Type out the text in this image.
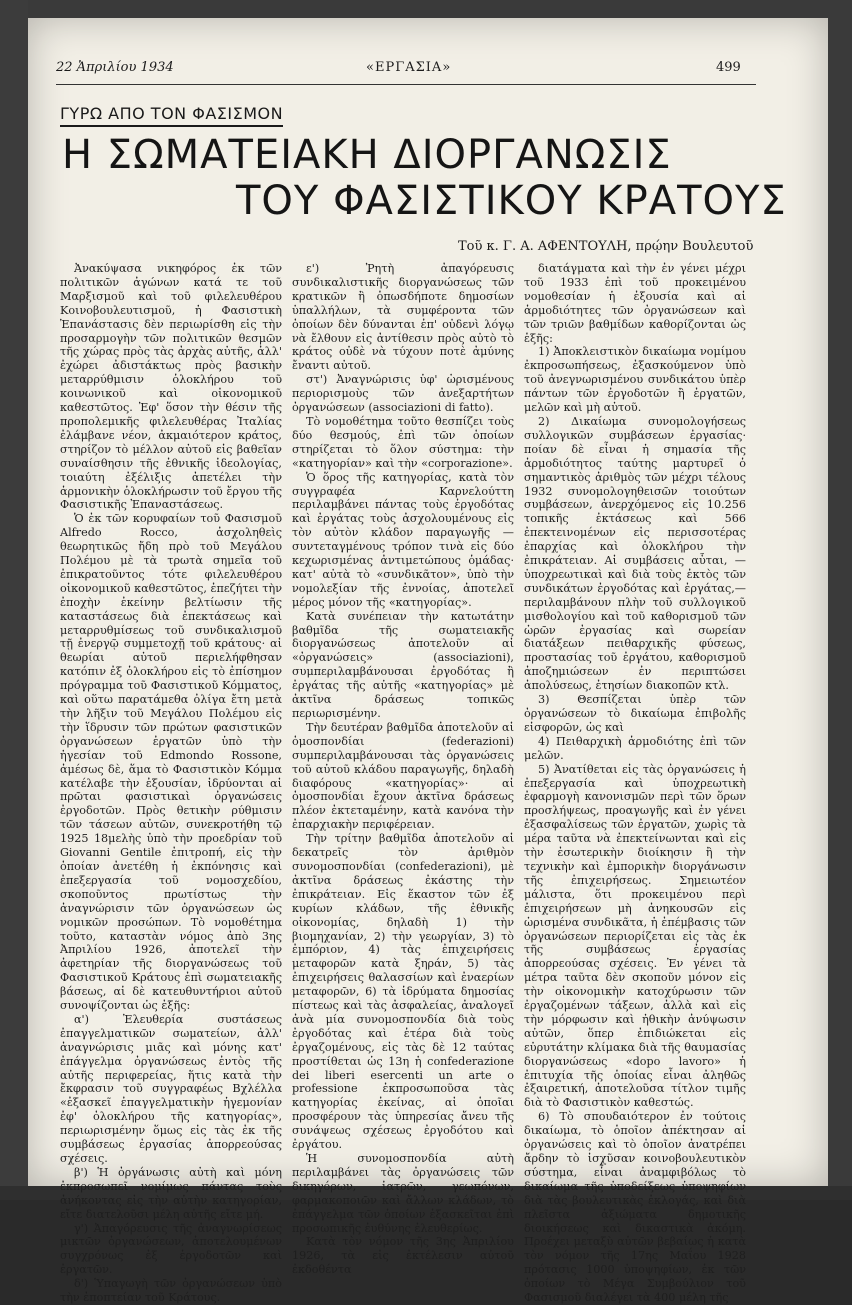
22 Ἀπριλίου 1934	«ΕΡΓΑΣΙΑ»	499
ΓΥΡΩ ΑΠΟ ΤΟΝ ΦΑΣΙΣΜΟΝ
Η ΣΩΜΑΤΕΙΑΚΗ ΔΙΟΡΓΑΝΩΣΙΣ
ΤΟΥ ΦΑΣΙΣΤΙΚΟΥ ΚΡΑΤΟΥΣ
Τοῦ κ. Γ. Α. ΑΦΕΝΤΟΥΛΗ, πρῴην Βουλευτοῦ

Ἀνακύψασα νικηφόρος ἐκ τῶν πολιτικῶν ἀγώνων κατά τε τοῦ Μαρξισμοῦ καὶ τοῦ φιλελευθέρου Κοινοβουλευτισμοῦ, ἡ Φασιστικὴ Ἐπανάστασις δὲν περιωρίσθη εἰς τὴν προσαρμογὴν τῶν πολιτικῶν θεσμῶν τῆς χώρας πρὸς τὰς ἀρχὰς αὐτῆς, ἀλλ' ἐχώρει ἀδιστάκτως πρὸς βασικὴν μεταρρύθμισιν ὁλοκλήρου τοῦ κοινωνικοῦ καὶ οἰκονομικοῦ καθεστῶτος. Ἐφ' ὅσον τὴν θέσιν τῆς προπολεμικῆς φιλελευθέρας Ἰταλίας ἐλάμβανε νέον, ἀκμαιότερον κράτος, στηρίζον τὸ μέλλον αὐτοῦ εἰς βαθεῖαν συναίσθησιν τῆς ἐθνικῆς ἰδεολογίας, τοιαύτη ἐξέλιξις ἀπετέλει τὴν ἁρμονικὴν ὁλοκλήρωσιν τοῦ ἔργου τῆς Φασιστικῆς Ἐπαναστάσεως.

Ὁ ἐκ τῶν κορυφαίων τοῦ Φασισμοῦ Alfredo Rocco, ἀσχοληθεὶς θεωρητικῶς ἤδη πρὸ τοῦ Μεγάλου Πολέμου μὲ τὰ τρωτὰ σημεῖα τοῦ ἐπικρατοῦντος τότε φιλελευθέρου οἰκονομικοῦ καθεστῶτος, ἐπεζήτει τὴν ἐποχὴν ἐκείνην βελτίωσιν τῆς καταστάσεως διὰ ἐπεκτάσεως καὶ μεταρρυθμίσεως τοῦ συνδικαλισμοῦ τῇ ἐνεργῷ συμμετοχῇ τοῦ κράτους· αἱ θεωρίαι αὐτοῦ περιελήφθησαν κατόπιν ἐξ ὁλοκλήρου εἰς τὸ ἐπίσημον πρόγραμμα τοῦ Φασιστικοῦ Κόμματος, καὶ οὕτω παρατάμεθα ὀλίγα ἔτη μετὰ τὴν λῆξιν τοῦ Μεγάλου Πολέμου εἰς τὴν ἵδρυσιν τῶν πρώτων φασιστικῶν ὀργανώσεων ἐργατῶν ὑπὸ τὴν ἡγεσίαν τοῦ Edmondo Rossone, ἀμέσως δὲ, ἅμα τὸ Φασιστικὸν Κόμμα κατέλαβε τὴν ἐξουσίαν, ἱδρύονται αἱ πρῶται φασιστικαὶ ὀργανώσεις ἐργοδοτῶν. Πρὸς θετικὴν ρύθμισιν τῶν τάσεων αὐτῶν, συνεκροτήθη τῷ 1925 18μελὴς ὑπὸ τὴν προεδρίαν τοῦ Giovanni Gentile ἐπιτροπή, εἰς τὴν ὁποίαν ἀνετέθη ἡ ἐκπόνησις καὶ ἐπεξεργασία τοῦ νομοσχεδίου, σκοποῦντος πρωτίστως τὴν ἀναγνώρισιν τῶν ὀργανώσεων ὡς νομικῶν προσώπων. Τὸ νομοθέτημα τοῦτο, καταστὰν νόμος ἀπὸ 3ης Ἀπριλίου 1926, ἀποτελεῖ τὴν ἀφετηρίαν τῆς διοργανώσεως τοῦ Φασιστικοῦ Κράτους ἐπὶ σωματειακῆς βάσεως, αἱ δὲ κατευθυντήριοι αὐτοῦ συνοψίζονται ὡς ἑξῆς:

α') Ἐλευθερία συστάσεως ἐπαγγελματικῶν σωματείων, ἀλλ' ἀναγνώρισις μιᾶς καὶ μόνης κατ' ἐπάγγελμα ὀργανώσεως ἐντὸς τῆς αὐτῆς περιφερείας, ἥτις κατὰ τὴν ἔκφρασιν τοῦ συγγραφέως Βχλέλλα «ἐξασκεῖ ἐπαγγελματικὴν ἡγεμονίαν ἐφ' ὁλοκλήρου τῆς κατηγορίας», περιωρισμένην ὅμως εἰς τὰς ἐκ τῆς συμβάσεως ἐργασίας ἀπορρεούσας σχέσεις.

β') Ἡ ὀργάνωσις αὐτὴ καὶ μόνη ἐκπροσωπεῖ νομίμως πάντας τοὺς ἀνήκοντας εἰς τὴν αὐτὴν κατηγορίαν, εἴτε διατελοῦσι μέλη αὐτῆς εἴτε μή.

γ') Ἀπαγόρευσις τῆς ἀναγνωρίσεως μικτῶν ὀργανώσεων, ἀποτελουμένων συγχρόνως ἐξ ἐργοδοτῶν καὶ ἐργατῶν.

δ') Ὑπαγωγὴ τῶν ὀργανώσεων ὑπὸ τὴν ἐποπτείαν τοῦ Κράτους.

ε') Ῥητὴ ἀπαγόρευσις συνδικαλιστικῆς διοργανώσεως τῶν κρατικῶν ἢ ὁπωσδήποτε δημοσίων ὑπαλλήλων, τὰ συμφέροντα τῶν ὁποίων δὲν δύνανται ἐπ' οὐδενὶ λόγῳ νὰ ἔλθουν εἰς ἀντίθεσιν πρὸς αὐτὸ τὸ κράτος οὐδὲ νὰ τύχουν ποτὲ ἀμύνης ἔναντι αὐτοῦ.

στ') Ἀναγνώρισις ὑφ' ὡρισμένους περιορισμοὺς τῶν ἀνεξαρτήτων ὀργανώσεων (associazioni di fatto).

Τὸ νομοθέτημα τοῦτο θεσπίζει τοὺς δύο θεσμούς, ἐπὶ τῶν ὁποίων στηρίζεται τὸ ὅλον σύστημα: τὴν «κατηγορίαν» καὶ τὴν «corporazione».

Ὁ ὅρος τῆς κατηγορίας, κατὰ τὸν συγγραφέα Καρνελούττη περιλαμβάνει πάντας τοὺς ἐργοδότας καὶ ἐργάτας τοὺς ἀσχολουμένους εἰς τὸν αὐτὸν κλάδον παραγωγῆς —συντεταγμένους τρόπον τινὰ εἰς δύο κεχωρισμένας ἀντιμετώπους ὁμάδας· κατ' αὐτὰ τὸ «συνδικᾶτον», ὑπὸ τὴν νομολεξίαν τῆς ἐννοίας, ἀποτελεῖ μέρος μόνον τῆς «κατηγορίας».

Κατὰ συνέπειαν τὴν κατωτάτην βαθμῖδα τῆς σωματειακῆς διοργανώσεως ἀποτελοῦν αἱ «ὀργανώσεις» (associazioni), συμπεριλαμβάνουσαι ἐργοδότας ἢ ἐργάτας τῆς αὐτῆς «κατηγορίας» μὲ ἀκτῖνα δράσεως τοπικῶς περιωρισμένην.

Τὴν δευτέραν βαθμῖδα ἀποτελοῦν αἱ ὁμοσπονδίαι (federazioni) συμπεριλαμβάνουσαι τὰς ὀργανώσεις τοῦ αὐτοῦ κλάδου παραγωγῆς, δηλαδὴ διαφόρους «κατηγορίας»· αἱ ὁμοσπονδίαι ἔχουν ἀκτῖνα δράσεως πλέον ἐκτεταμένην, κατὰ κανόνα τὴν ἐπαρχιακὴν περιφέρειαν.

Τὴν τρίτην βαθμῖδα ἀποτελοῦν αἱ δεκατρεῖς τὸν ἀριθμὸν συνομοσπονδίαι (confederazioni), μὲ ἀκτῖνα δράσεως ἐκάστης τὴν ἐπικράτειαν. Εἰς ἕκαστον τῶν ἐξ κυρίων κλάδων, τῆς ἐθνικῆς οἰκονομίας, δηλαδὴ 1) τὴν βιομηχανίαν, 2) τὴν γεωργίαν, 3) τὸ ἐμπόριον, 4) τὰς ἐπιχειρήσεις μεταφορῶν κατὰ ξηράν, 5) τὰς ἐπιχειρήσεις θαλασσίων καὶ ἐναερίων μεταφορῶν, 6) τὰ ἱδρύματα δημοσίας πίστεως καὶ τὰς ἀσφαλείας, ἀναλογεῖ ἀνὰ μία συνομοσπονδία διὰ τοὺς ἐργοδότας καὶ ἑτέρα διὰ τοὺς ἐργαζομένους, εἰς τὰς δὲ 12 ταύτας προστίθεται ὡς 13η ἡ confederazione dei liberi esercenti un arte o professione ἐκπροσωποῦσα τὰς κατηγορίας ἐκείνας, αἱ ὁποῖαι προσφέρουν τὰς ὑπηρεσίας ἄνευ τῆς συνάψεως σχέσεως ἐργοδότου καὶ ἐργάτου.

Ἡ συνομοσπονδία αὐτὴ περιλαμβάνει τὰς ὀργανώσεις τῶν δικηγόρων, ἰατρῶν, γεωπόνων, φαρμακοποιῶν καὶ ἄλλων κλάδων, τὸ ἐπάγγελμα τῶν ὁποίων ἐξασκεῖται ἐπὶ προσωπικῆς ἐυθύνης ἐλευθερίως.

Κατὰ τὸν νόμον τῆς 3ης Ἀπριλίου 1926, τὰ εἰς ἐκτέλεσιν αὐτοῦ ἐκδοθέντα

διατάγματα καὶ τὴν ἐν γένει μέχρι τοῦ 1933 ἐπὶ τοῦ προκειμένου νομοθεσίαν ἡ ἐξουσία καὶ αἱ ἁρμοδιότητες τῶν ὀργανώσεων καὶ τῶν τριῶν βαθμίδων καθορίζονται ὡς ἑξῆς:

1) Ἀποκλειστικὸν δικαίωμα νομίμου ἐκπροσωπήσεως, ἐξασκούμενον ὑπὸ τοῦ ἀνεγνωρισμένου συνδικάτου ὑπὲρ πάντων τῶν ἐργοδοτῶν ἢ ἐργατῶν, μελῶν καὶ μὴ αὐτοῦ.

2) Δικαίωμα συνομολογήσεως συλλογικῶν συμβάσεων ἐργασίας· ποίαν δὲ εἶναι ἡ σημασία τῆς ἁρμοδιότητος ταύτης μαρτυρεῖ ὁ σημαντικὸς ἀριθμὸς τῶν μέχρι τέλους 1932 συνομολογηθεισῶν τοιούτων συμβάσεων, ἀνερχόμενος εἰς 10.256 τοπικῆς ἐκτάσεως καὶ 566 ἐπεκτεινομένων εἰς περισσοτέρας ἐπαρχίας καὶ ὁλοκλήρου τὴν ἐπικράτειαν. Αἱ συμβάσεις αὗται, —ὑποχρεωτικαὶ καὶ διὰ τοὺς ἐκτὸς τῶν συνδικάτων ἐργοδότας καὶ ἐργάτας,— περιλαμβάνουν πλὴν τοῦ συλλογικοῦ μισθολογίου καὶ τοῦ καθορισμοῦ τῶν ὡρῶν ἐργασίας καὶ σωρείαν διατάξεων πειθαρχικῆς φύσεως, προστασίας τοῦ ἐργάτου, καθορισμοῦ ἀποζημιώσεων ἐν περιπτώσει ἀπολύσεως, ἐτησίων διακοπῶν κτλ.

3) Θεσπίζεται ὑπὲρ τῶν ὀργανώσεων τὸ δικαίωμα ἐπιβολῆς εἰσφορῶν, ὡς καὶ

4) Πειθαρχικὴ ἁρμοδιότης ἐπὶ τῶν μελῶν.

5) Ἀνατίθεται εἰς τὰς ὀργανώσεις ἡ ἐπεξεργασία καὶ ὑποχρεωτικὴ ἐφαρμογὴ κανονισμῶν περὶ τῶν ὅρων προσλήψεως, προαγωγῆς καὶ ἐν γένει ἐξασφαλίσεως τῶν ἐργατῶν, χωρὶς τὰ μέρα ταῦτα νὰ ἐπεκτείνωνται καὶ εἰς τὴν ἐσωτερικὴν διοίκησιν ἢ τὴν τεχνικὴν καὶ ἐμπορικὴν διοργάνωσιν τῆς ἐπιχειρήσεως. Σημειωτέον μάλιστα, ὅτι προκειμένου περὶ ἐπιχειρήσεων μὴ ἀνηκουσῶν εἰς ὡρισμένα συνδικᾶτα, ἡ ἐπέμβασις τῶν ὀργανώσεων περιορίζεται εἰς τὰς ἐκ τῆς συμβάσεως ἐργασίας ἀπορρεούσας σχέσεις. Ἐν γένει τὰ μέτρα ταῦτα δὲν σκοποῦν μόνον εἰς τὴν οἰκονομικὴν κατοχύρωσιν τῶν ἐργαζομένων τάξεων, ἀλλὰ καὶ εἰς τὴν μόρφωσιν καὶ ἠθικὴν ἀνύψωσιν αὐτῶν, ὅπερ ἐπιδιώκεται εἰς εὐρυτάτην κλίμακα διὰ τῆς θαυμασίας διοργανώσεως «dopo lavoro» ἡ ἐπιτυχία τῆς ὁποίας εἶναι ἀληθῶς ἐξαιρετική, ἀποτελοῦσα τίτλον τιμῆς διὰ τὸ Φασιστικὸν καθεστώς.

6) Τὸ σπουδαιότερον ἐν τούτοις δικαίωμα, τὸ ὁποῖον ἀπέκτησαν αἱ ὀργανώσεις καὶ τὸ ὁποῖον ἀνατρέπει ἄρδην τὸ ἰσχῦσαν κοινοβουλευτικὸν σύστημα, εἶναι ἀναμφιβόλως τὸ δικαίωμα τῆς ὑποδείξεως ὑποψηφίων διὰ τὰς βουλευτικὰς ἐκλογάς, καὶ διὰ πλεῖστα ἀξιώματα δημοτικῆς διοικήσεως καὶ δικαστικὰ ἀκόμη. Προέχει μεταξὺ αὐτῶν βεβαίως ἡ κατὰ τὸν νόμον τῆς 17ης Μαΐου 1928 πρότασις 1000 ὑποψηφίων, ἐκ τῶν ὁποίων τὸ Μέγα Συμβούλιον τοῦ Φασισμοῦ διαλέγει τὰ 400 μέλη τῆς
